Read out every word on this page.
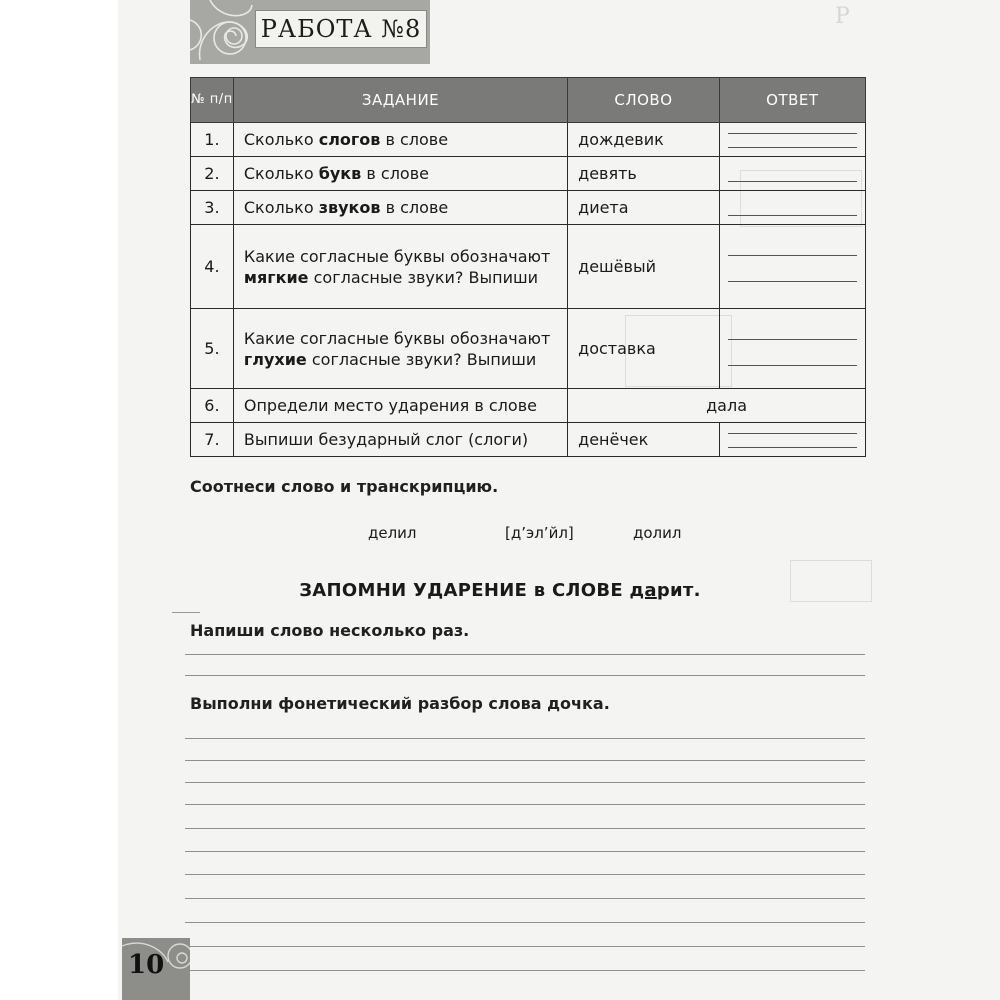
Р
РАБОТА №8
№ п/п	ЗАДАНИЕ	СЛОВО	ОТВЕТ
1.	Сколько слогов в слове	дождевик	

2.	Сколько букв в слове	девять	

3.	Сколько звуков в слове	диета	

4.	Какие согласные буквы обозначают мягкие согласные звуки? Выпиши	дешёвый	

5.	Какие согласные буквы обозначают глухие согласные звуки? Выпиши	доставка	

6.	Определи место ударения в слове	дала	
7.	Выпиши безударный слог (слоги)	денёчек	
Соотнеси слово и транскрипцию.
делил	[д’эл’йл]	долил
ЗАПОМНИ УДАРЕНИЕ в СЛОВЕ дарит.
Напиши слово несколько раз.
Выполни фонетический разбор слова дочка.
10
